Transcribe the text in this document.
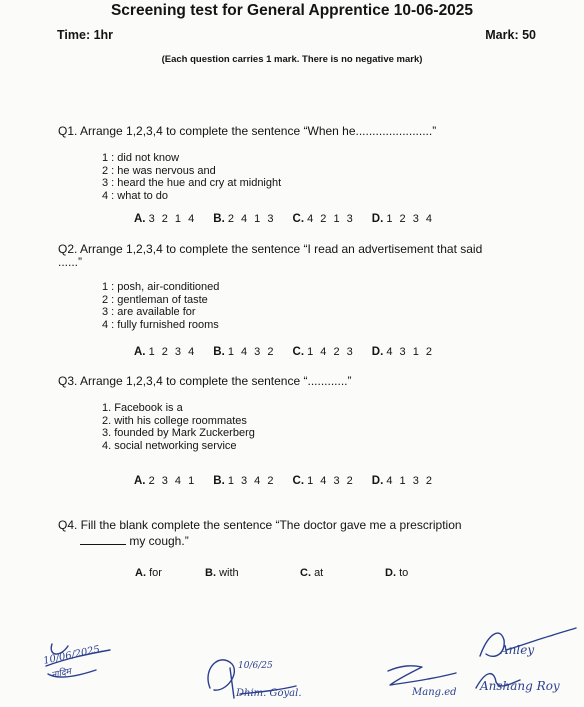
Screening test for General Apprentice 10-06-2025
Time: 1hr	Mark: 50
(Each question carries 1 mark. There is no negative mark)
Q1. Arrange 1,2,3,4 to complete the sentence “When he.......................”
1 : did not know
2 : he was nervous and
3 : heard the hue and cry at midnight
4 : what to do
A. 3 2 1 4 B. 2 4 1 3 C. 4 2 1 3 D. 1 2 3 4
Q2. Arrange 1,2,3,4 to complete the sentence “I read an advertisement that said
......”
1 : posh, air-conditioned
2 : gentleman of taste
3 : are available for
4 : fully furnished rooms
A. 1 2 3 4 B. 1 4 3 2 C. 1 4 2 3 D. 4 3 1 2
Q3. Arrange 1,2,3,4 to complete the sentence “............”
1. Facebook is a
2. with his college roommates
3. founded by Mark Zuckerberg
4. social networking service
A. 2 3 4 1 B. 1 3 4 2 C. 1 4 3 2 D. 4 1 3 2
Q4. Fill the blank complete the sentence “The doctor gave me a prescription
my cough.”
A. for	B. with	C. at	D. to
10/06/2025.
नादिम
10/6/25
Dhim. Goyal.	Mang.ed
Anley
Anshang Roy
